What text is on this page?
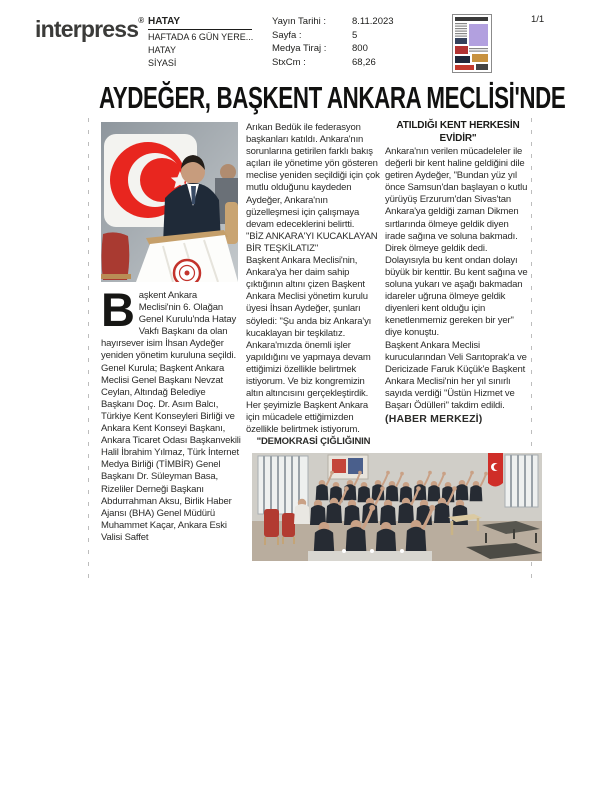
interpress® HATAY
HAFTADA 6 GÜN YERE...
HATAY
SİYASİ
Yayın Tarihi :	8.11.2023
Sayfa :	5
Medya Tiraj :	800
StxCm :	68,26
1/1
AYDEĞER, BAŞKENT ANKARA MECLİSİ'NDE

Başkent Ankara Meclisi'nin 6. Olağan Genel Kurulu'nda Hatay Vakfı Başkanı da olan hayırsever isim İhsan Aydeğer yeniden yönetim kuruluna seçildi.

Genel Kurula; Başkent Ankara Meclisi Genel Başkanı Nevzat Ceylan, Altındağ Belediye Başkanı Doç. Dr. Asım Balcı, Türkiye Kent Konseyleri Birliği ve Ankara Kent Konseyi Başkanı, Ankara Ticaret Odası Başkanvekili Halil İbrahim Yılmaz, Türk İnternet Medya Birliği (TİMBİR) Genel Başkanı Dr. Süleyman Basa, Rizeliler Derneği Başkanı Abdurrahman Aksu, Birlik Haber Ajansı (BHA) Genel Müdürü Muhammet Kaçar, Ankara Eski Valisi Saffet

Arıkan Bedük ile federasyon başkanları katıldı. Ankara'nın sorunlarına getirilen farklı bakış açıları ile yönetime yön gösteren meclise yeniden seçildiği için çok mutlu olduğunu kaydeden Aydeğer, Ankara'nın güzelleşmesi için çalışmaya devam edeceklerini belirtti.

"BİZ ANKARA'YI KUCAKLAYAN BİR TEŞKİLATIZ"

Başkent Ankara Meclisi'nin, Ankara'ya her daim sahip çıktığının altını çizen Başkent Ankara Meclisi yönetim kurulu üyesi İhsan Aydeğer, şunları söyledi: "Şu anda biz Ankara'yı kucaklayan bir teşkilatız. Ankara'mızda önemli işler yapıldığını ve yapmaya devam ettiğimizi özellikle belirtmek istiyorum. Ve biz kongremizin altın altıncısını gerçekleştirdik. Her şeyimizle Başkent Ankara için mücadele ettiğimizden özellikle belirtmek istiyorum.

"DEMOKRASİ ÇIĞLIĞININ

ATILDIĞI KENT HERKESİN EVİDİR"

Ankara'nın verilen mücadeleler ile değerli bir kent haline geldiğini dile getiren Aydeğer, "Bundan yüz yıl önce Samsun'dan başlayan o kutlu yürüyüş Erzurum'dan Sivas'tan Ankara'ya geldiği zaman Dikmen sırtlarında ölmeye geldik diyen irade sağına ve soluna bakmadı. Direk ölmeye geldik dedi. Dolayısıyla bu kent ondan dolayı büyük bir kenttir. Bu kent sağına ve soluna yukarı ve aşağı bakmadan idareler uğruna ölmeye geldik diyenleri kent olduğu için kenetlenmemiz gereken bir yer" diye konuştu.

Başkent Ankara Meclisi kurucularından Veli Sarıtoprak'a ve Dericizade Faruk Küçük'e Başkent Ankara Meclisi'nin her yıl sınırlı sayıda verdiği "Üstün Hizmet ve Başarı Ödülleri" takdim edildi.

(HABER MERKEZİ)
